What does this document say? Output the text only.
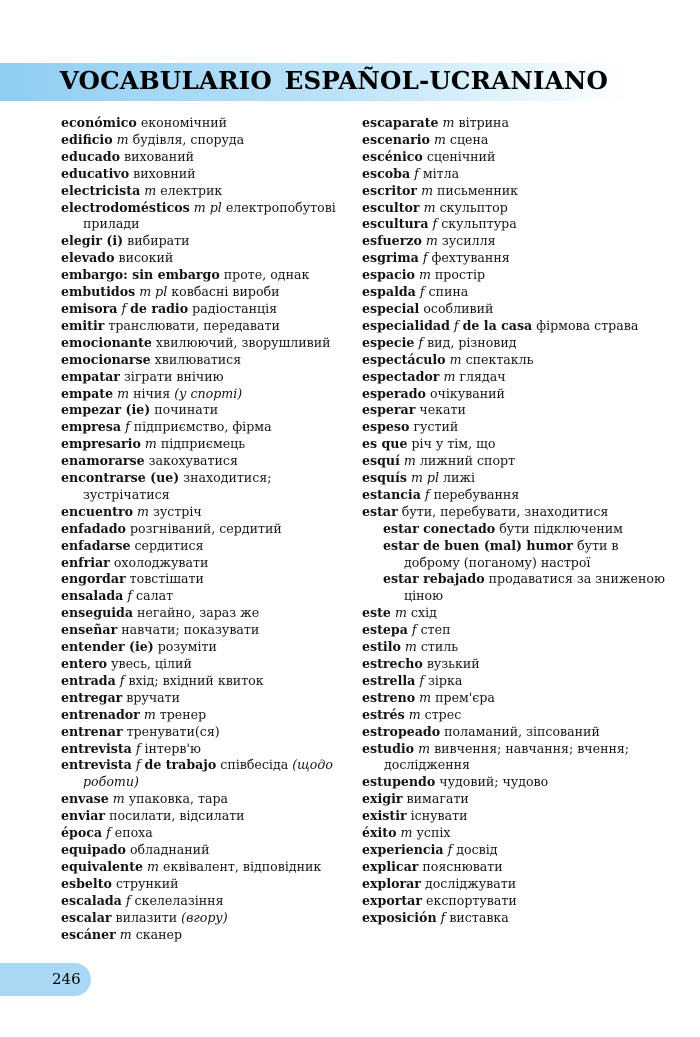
VOCABULARIO ESPAÑOL-UCRANIANO
económico економічний
edificio m будівля, споруда
educado вихований
educativo виховний
electricista m електрик
electrodomésticos m pl електропобутові прилади
elegir (i) вибирати
elevado високий
embargo: sin embargo проте, однак
embutidos m pl ковбасні вироби
emisora f de radio радіостанція
emitir транслювати, передавати
emocionante хвилюючий, зворушливий
emocionarse хвилюватися
empatar зіграти внічию
empate m нічия (у спорті)
empezar (ie) починати
empresa f підприємство, фірма
empresario m підприємець
enamorarse закохуватися
encontrarse (ue) знаходитися; зустрічатися
encuentro m зустріч
enfadado розгніваний, сердитий
enfadarse сердитися
enfriar охолоджувати
engordar товстішати
ensalada f салат
enseguida негайно, зараз же
enseñar навчати; показувати
entender (ie) розуміти
entero увесь, цілий
entrada f вхід; вхідний квиток
entregar вручати
entrenador m тренер
entrenar тренувати(ся)
entrevista f інтерв'ю
entrevista f de trabajo співбесіда (щодо роботи)
envase m упаковка, тара
enviar посилати, відсилати
época f епоха
equipado обладнаний
equivalente m еквівалент, відповідник
esbelto стрункий
escalada f скелелазіння
escalar вилазити (вгору)
escáner m сканер
escaparate m вітрина
escenario m сцена
escénico сценічний
escoba f мітла
escritor m письменник
escultor m скульптор
escultura f скульптура
esfuerzo m зусилля
esgrima f фехтування
espacio m простір
espalda f спина
especial особливий
especialidad f de la casa фірмова страва
especie f вид, різновид
espectáculo m спектакль
espectador m глядач
esperado очікуваний
esperar чекати
espeso густий
es que річ у тім, що
esquí m лижний спорт
esquís m pl лижі
estancia f перебування
estar бути, перебувати, знаходитися
estar conectado бути підключеним
estar de buen (mal) humor бути в доброму (поганому) настрої
estar rebajado продаватися за зниженою ціною
este m схід
estepa f степ
estilo m стиль
estrecho вузький
estrella f зірка
estreno m прем'єра
estrés m стрес
estropeado поламаний, зіпсований
estudio m вивчення; навчання; вчення; дослідження
estupendo чудовий; чудово
exigir вимагати
existir існувати
éxito m успіх
experiencia f досвід
explicar пояснювати
explorar досліджувати
exportar експортувати
exposición f виставка
246
